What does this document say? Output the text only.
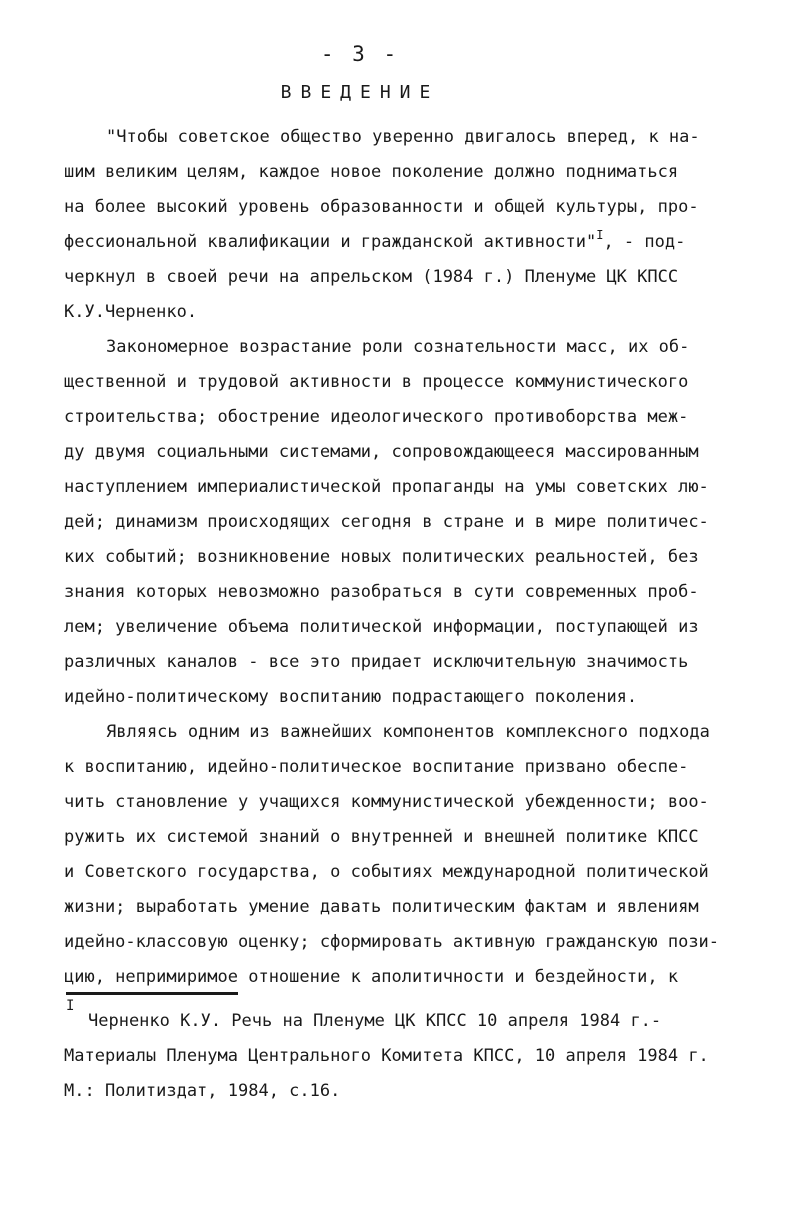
- 3 -
ВВЕДЕНИЕ
"Чтобы советское общество уверенно двигалось вперед, к на-
шим великим целям, каждое новое поколение должно подниматься
на более высокий уровень образованности и общей культуры, про-
фессиональной квалификации и гражданской активности"$^I$, - под-
черкнул в своей речи на апрельском (1984 г.) Пленуме ЦК КПСС
К.У.Черненко.
Закономерное возрастание роли сознательности масс, их об-
щественной и трудовой активности в процессе коммунистического
строительства; обострение идеологического противоборства меж-
ду двумя социальными системами, сопровождающееся массированным
наступлением империалистической пропаганды на умы советских лю-
дей; динамизм происходящих сегодня в стране и в мире политичес-
ких событий; возникновение новых политических реальностей, без
знания которых невозможно разобраться в сути современных проб-
лем; увеличение объема политической информации, поступающей из
различных каналов - все это придает исключительную значимость
идейно-политическому воспитанию подрастающего поколения.
Являясь одним из важнейших компонентов комплексного подхода
к воспитанию, идейно-политическое воспитание призвано обеспе-
чить становление у учащихся коммунистической убежденности; воо-
ружить их системой знаний о внутренней и внешней политике КПСС
и Советского государства, о событиях международной политической
жизни; выработать умение давать политическим фактам и явлениям
идейно-классовую оценку; сформировать активную гражданскую пози-
цию, непримиримое отношение к аполитичности и бездейности, к
I
Черненко К.У. Речь на Пленуме ЦК КПСС 10 апреля 1984 г.-
Материалы Пленума Центрального Комитета КПСС, 10 апреля 1984 г.
М.: Политиздат, 1984, с.16.
